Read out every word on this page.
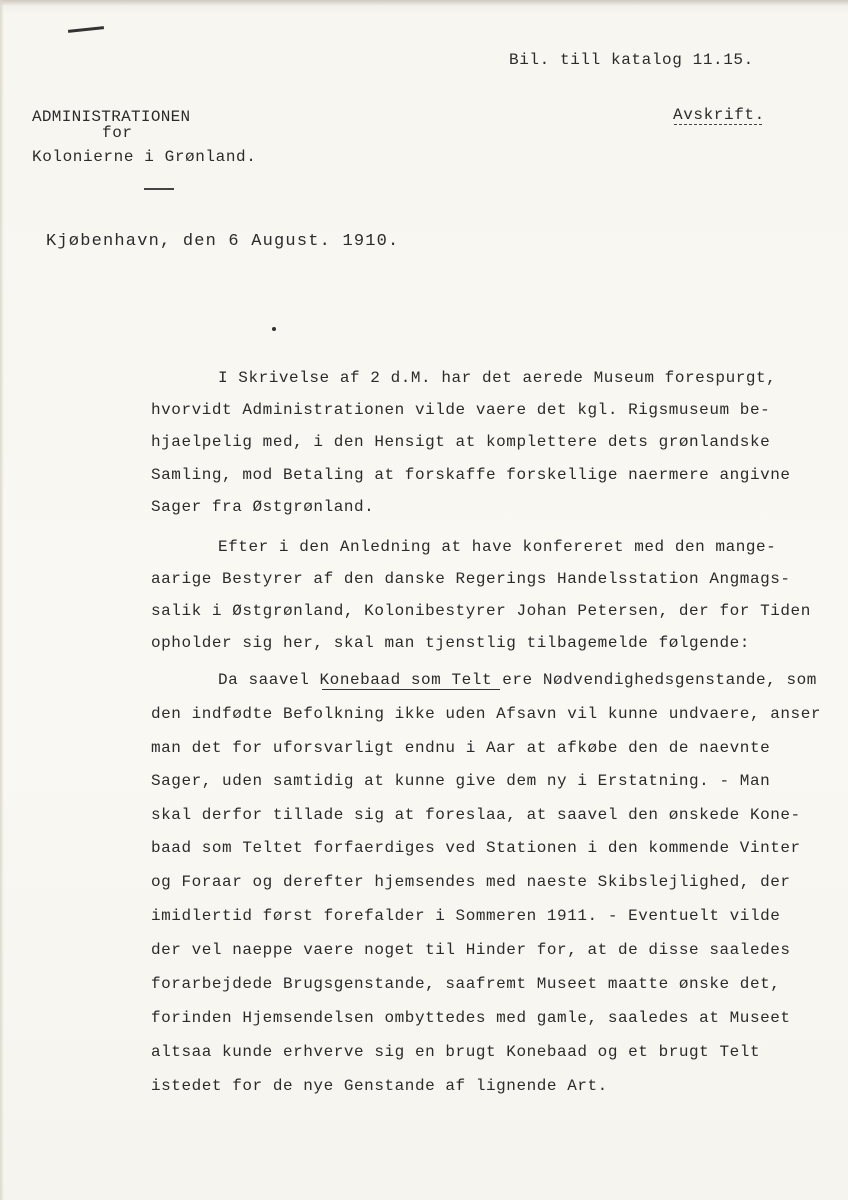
Bil. till katalog 11.15.
ADMINISTRATIONEN
for
Kolonierne i Grønland.
Avskrift.
Kjøbenhavn, den 6 August. 1910.
I Skrivelse af 2 d.M. har det aerede Museum forespurgt,
hvorvidt Administrationen vilde vaere det kgl. Rigsmuseum be-
hjaelpelig med, i den Hensigt at komplettere dets grønlandske
Samling, mod Betaling at forskaffe forskellige naermere angivne
Sager fra Østgrønland.
Efter i den Anledning at have konfereret med den mange-
aarige Bestyrer af den danske Regerings Handelsstation Angmags-
salik i Østgrønland, Kolonibestyrer Johan Petersen, der for Tiden
opholder sig her, skal man tjenstlig tilbagemelde følgende:
Da saavel Konebaad som Telt ere Nødvendighedsgenstande, som
den indfødte Befolkning ikke uden Afsavn vil kunne undvaere, anser
man det for uforsvarligt endnu i Aar at afkøbe den de naevnte
Sager, uden samtidig at kunne give dem ny i Erstatning. - Man
skal derfor tillade sig at foreslaa, at saavel den ønskede Kone-
baad som Teltet forfaerdiges ved Stationen i den kommende Vinter
og Foraar og derefter hjemsendes med naeste Skibslejlighed, der
imidlertid først forefalder i Sommeren 1911. - Eventuelt vilde
der vel naeppe vaere noget til Hinder for, at de disse saaledes
forarbejdede Brugsgenstande, saafremt Museet maatte ønske det,
forinden Hjemsendelsen ombyttedes med gamle, saaledes at Museet
altsaa kunde erhverve sig en brugt Konebaad og et brugt Telt
istedet for de nye Genstande af lignende Art.
